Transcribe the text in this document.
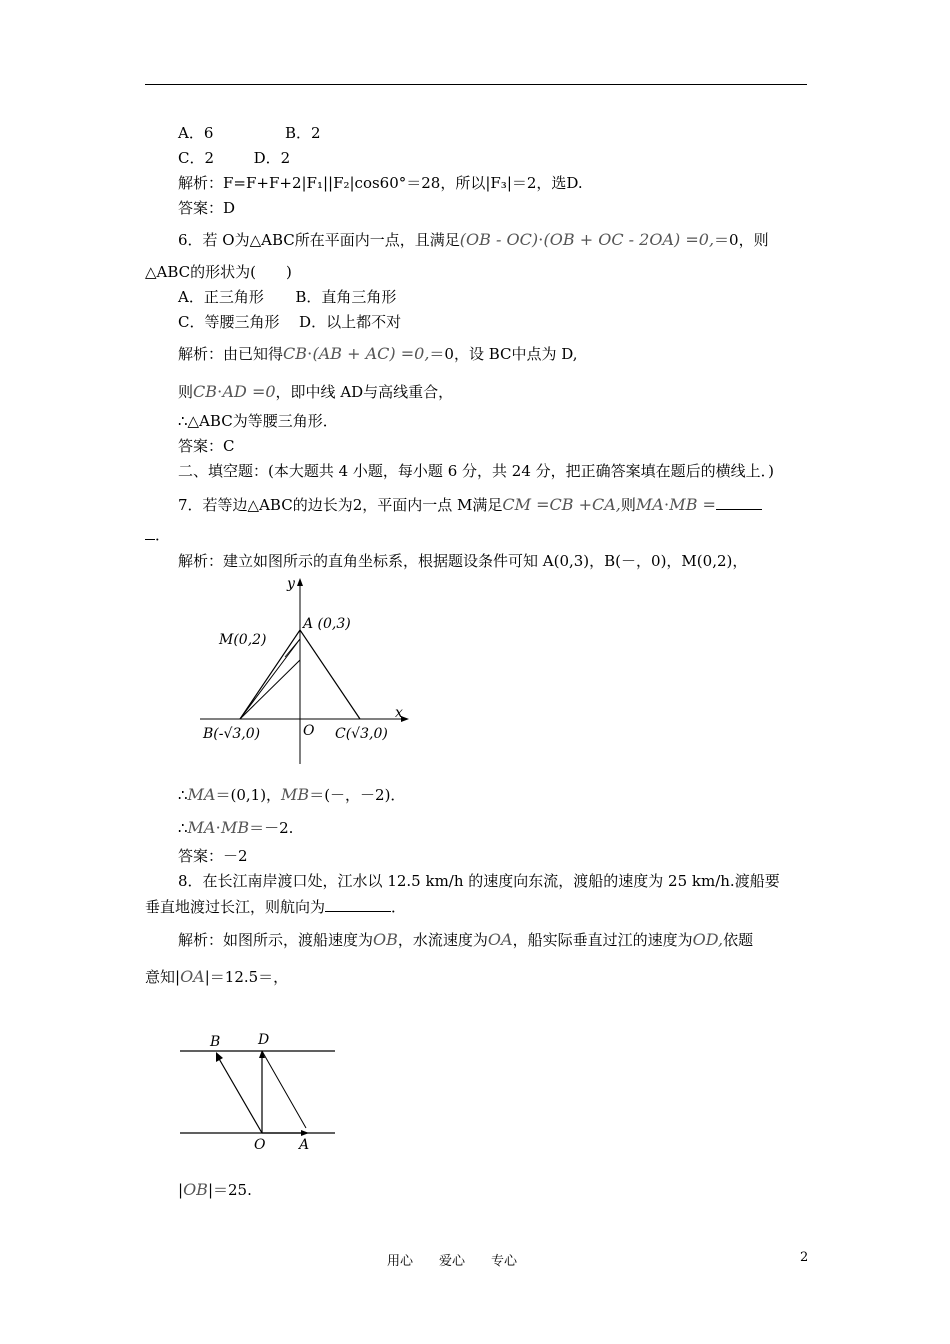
A．6	B．2
C．2	D．2
解析：F=F+F+2|F₁||F₂|cos60°＝28，所以|F₃|＝2，选D.
答案：D
6．若 O为△ABC所在平面内一点，且满足(OB - OC)⋅(OB + OC - 2OA) =0,＝0，则
△ABC的形状为(　　)
A．正三角形 B．直角三角形
C．等腰三角形 D．以上都不对
解析：由已知得CB⋅(AB + AC) =0,＝0，设 BC中点为 D,
则CB⋅AD =0，即中线 AD与高线重合，
∴△ABC为等腰三角形．
答案：C
二、填空题：(本大题共 4 小题，每小题 6 分，共 24 分，把正确答案填在题后的横线上．)
7．若等边△ABC的边长为2，平面内一点 M满足CM =CB +CA,则MA⋅MB =
．
解析：建立如图所示的直角坐标系，根据题设条件可知 A(0,3)，B(－，0)，M(0,2)，
y
x
A (0,3)
M(0,2)
O
B(-√3,0)	C(√3,0)
∴MA＝(0,1)，MB＝(－，－2)．
∴MA⋅MB＝－2.
答案：－2
8．在长江南岸渡口处，江水以 12.5 km/h 的速度向东流，渡船的速度为 25 km/h.渡船要
垂直地渡过长江，则航向为	．
解析：如图所示，渡船速度为OB，水流速度为OA，船实际垂直过江的速度为OD,依题
意知|OA|＝12.5＝，
B	D
O A
|OB|＝25.
用心　　爱心　　专心	2
